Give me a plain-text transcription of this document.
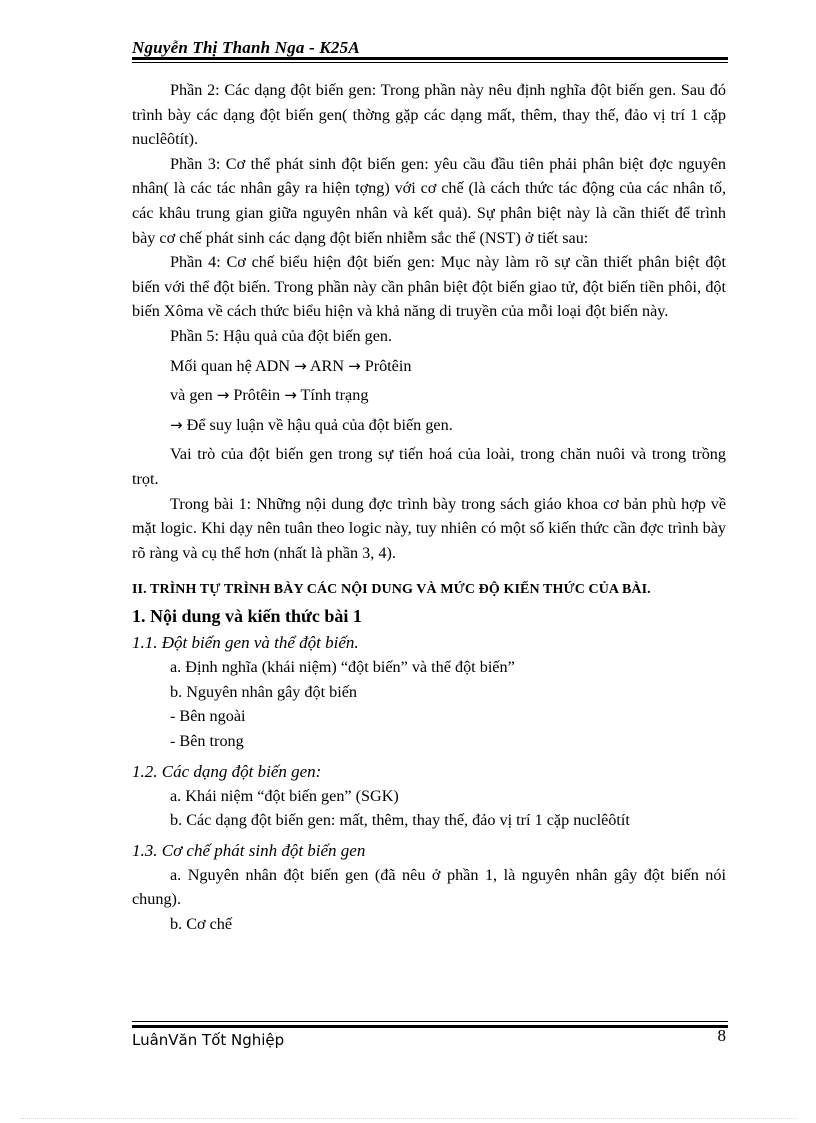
Nguyễn Thị Thanh Nga - K25A

Phần 2: Các dạng đột biến gen: Trong phần này nêu định nghĩa đột biến gen. Sau đó trình bày các dạng đột biến gen( thờng gặp các dạng mất, thêm, thay thế, đảo vị trí 1 cặp nuclêôtít).

Phần 3: Cơ thể phát sinh đột biến gen: yêu cầu đầu tiên phải phân biệt đợc nguyên nhân( là các tác nhân gây ra hiện tợng) với cơ chế (là cách thức tác động của các nhân tố, các khâu trung gian giữa nguyên nhân và kết quả). Sự phân biệt này là cần thiết để trình bày cơ chế phát sinh các dạng đột biến nhiễm sắc thể (NST) ở tiết sau:

Phần 4: Cơ chế biểu hiện đột biến gen: Mục này làm rõ sự cần thiết phân biệt đột biến với thể đột biến. Trong phần này cần phân biệt đột biến giao tử, đột biến tiền phôi, đột biến Xôma về cách thức biểu hiện và khả năng di truyền của mỗi loại đột biến này.

Phần 5: Hậu quả của đột biến gen.

Mối quan hệ ADN → ARN → Prôtêin

và gen → Prôtêin → Tính trạng

→ Để suy luận về hậu quả của đột biến gen.

Vai trò của đột biến gen trong sự tiến hoá của loài, trong chăn nuôi và trong trồng trọt.

Trong bài 1: Những nội dung đợc trình bày trong sách giáo khoa cơ bản phù hợp về mặt logic. Khi dạy nên tuân theo logic này, tuy nhiên có một số kiến thức cần đợc trình bày rõ ràng và cụ thể hơn (nhất là phần 3, 4).

II. TRÌNH TỰ TRÌNH BÀY CÁC NỘI DUNG VÀ MỨC ĐỘ KIẾN THỨC CỦA BÀI.

1. Nội dung và kiến thức bài 1

1.1. Đột biến gen và thể đột biến.

a. Định nghĩa (khái niệm) “đột biến” và thể đột biến”

b. Nguyên nhân gây đột biến

- Bên ngoài

- Bên trong

1.2. Các dạng đột biến gen:

a. Khái niệm “đột biến gen” (SGK)

b. Các dạng đột biến gen: mất, thêm, thay thế, đảo vị trí 1 cặp nuclêôtít

1.3. Cơ chế phát sinh đột biến gen

a. Nguyên nhân đột biến gen (đã nêu ở phần 1, là nguyên nhân gây đột biến nói chung).

b. Cơ chế

LuânVăn Tốt Nghiệp	8
